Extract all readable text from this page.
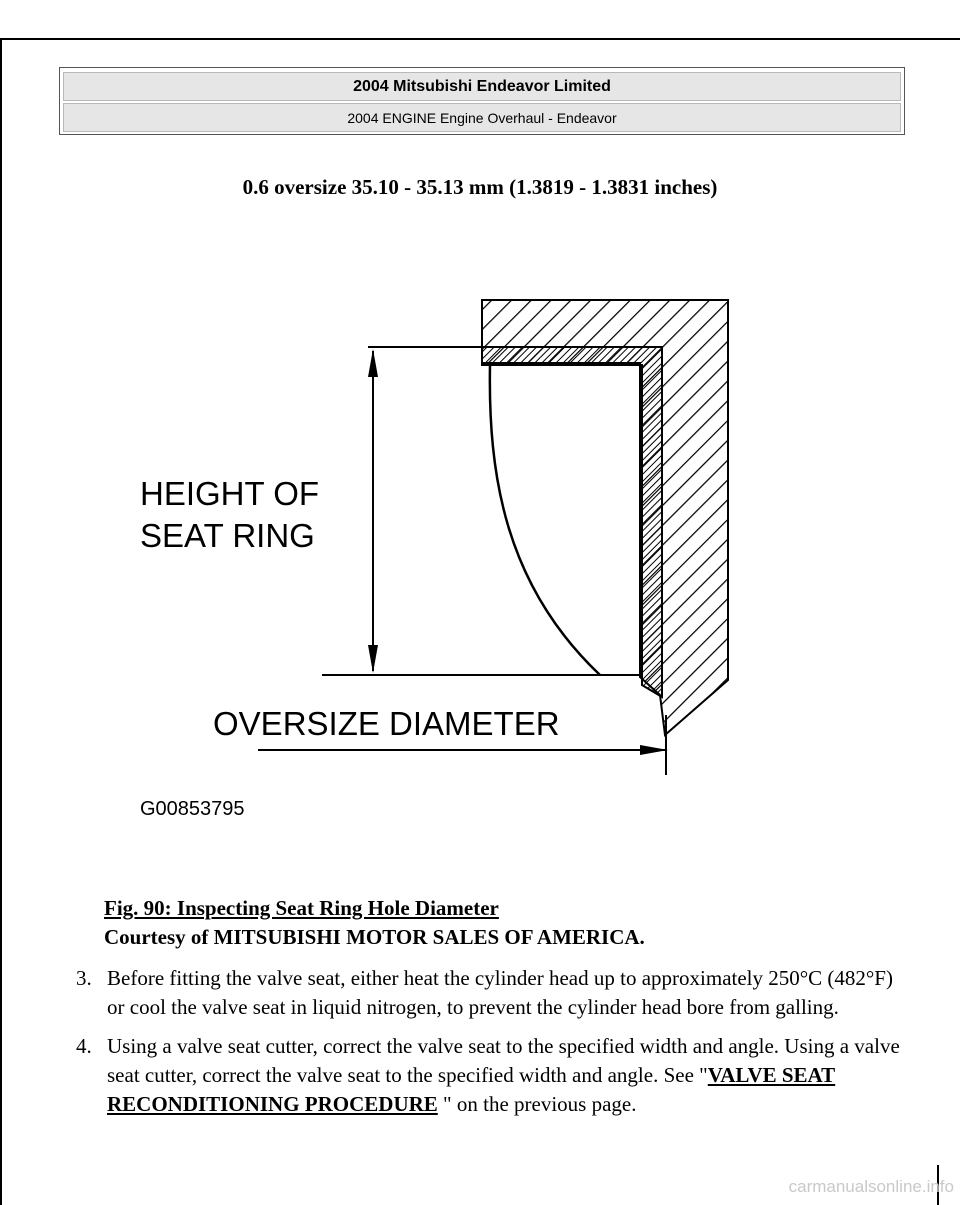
2004 Mitsubishi Endeavor Limited
2004 ENGINE Engine Overhaul - Endeavor
0.6 oversize 35.10 - 35.13 mm (1.3819 - 1.3831 inches)
HEIGHT OF
SEAT RING
OVERSIZE DIAMETER
G00853795
Fig. 90: Inspecting Seat Ring Hole Diameter
Courtesy of MITSUBISHI MOTOR SALES OF AMERICA.
3. Before fitting the valve seat, either heat the cylinder head up to approximately 250°C (482°F) or cool the valve seat in liquid nitrogen, to prevent the cylinder head bore from galling.
4. Using a valve seat cutter, correct the valve seat to the specified width and angle. Using a valve seat cutter, correct the valve seat to the specified width and angle. See "VALVE SEAT RECONDITIONING PROCEDURE " on the previous page.
carmanualsonline.info
